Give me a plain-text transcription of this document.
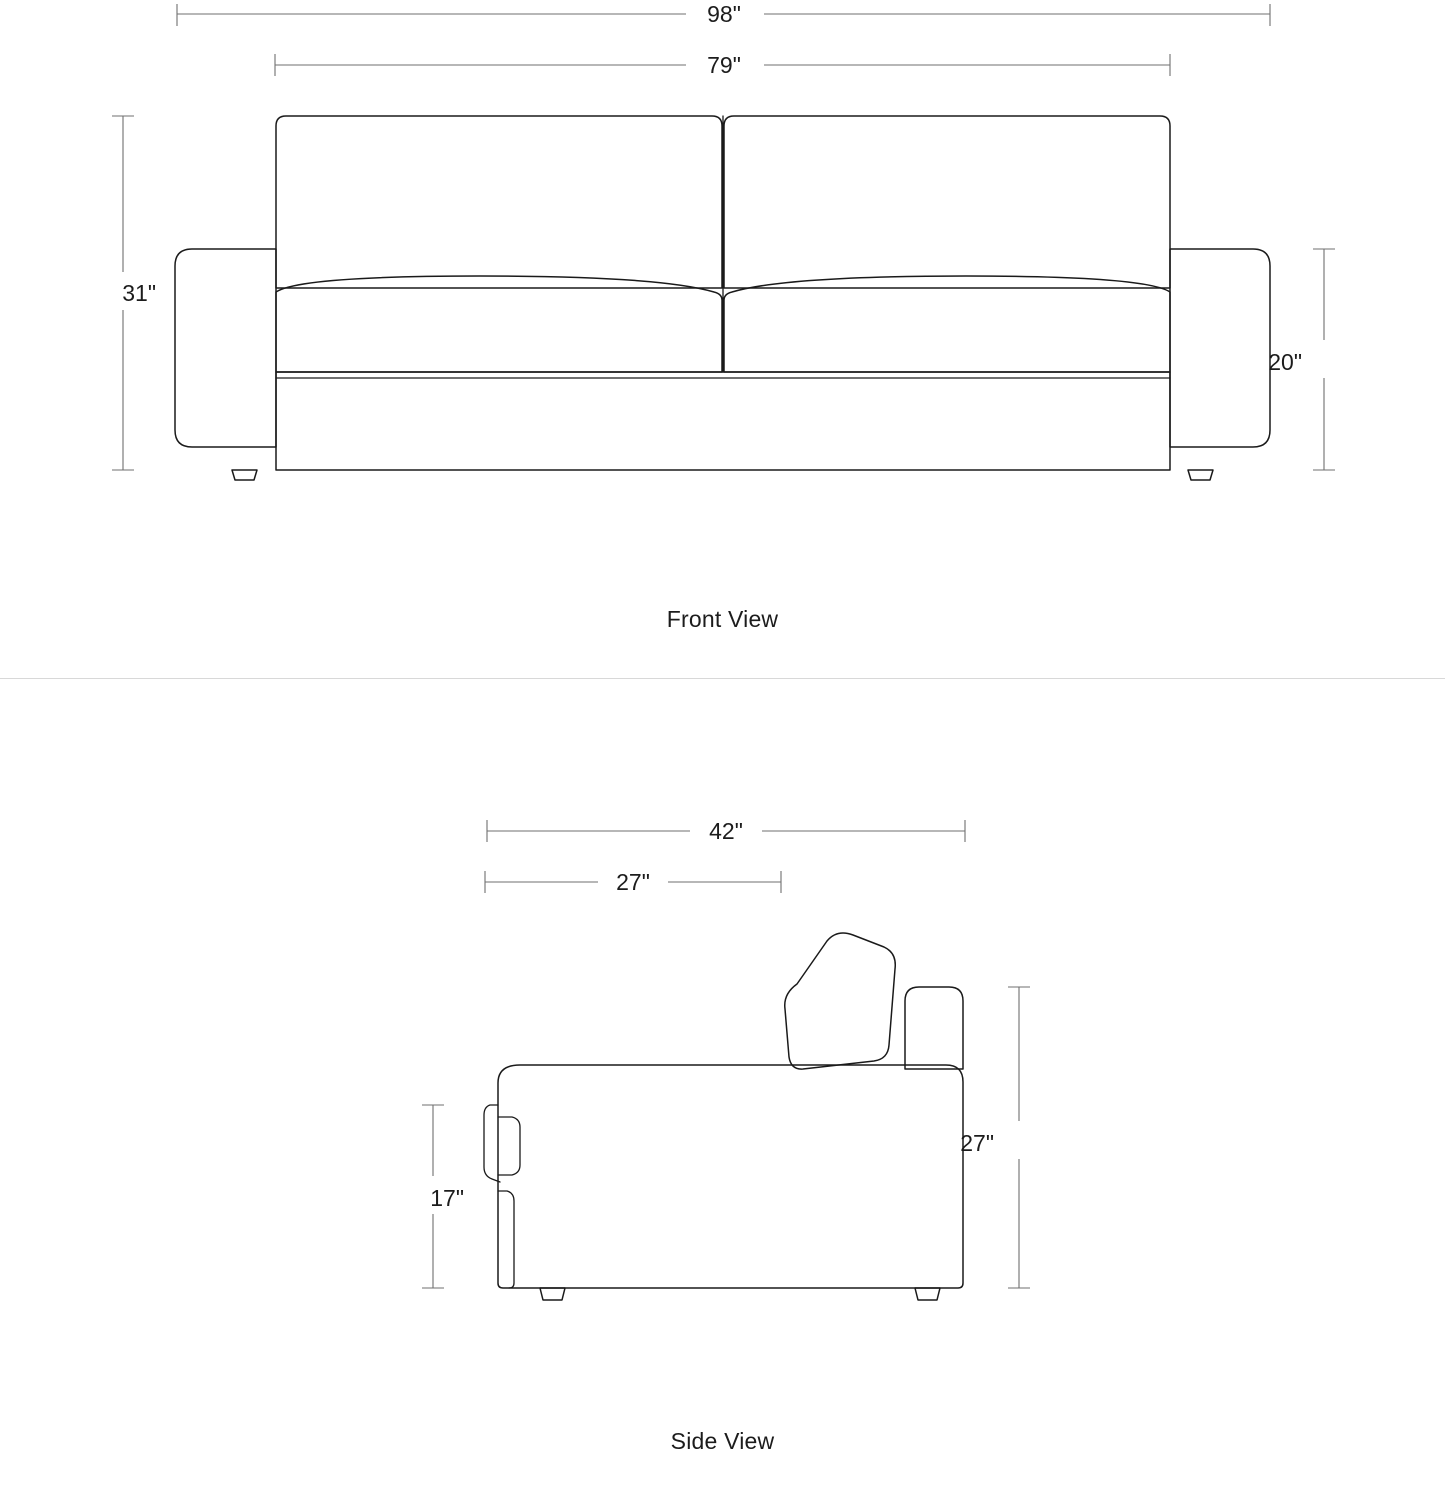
98"
79"
31"
20"
Front View
42"
27"
17"
27"
Side View
